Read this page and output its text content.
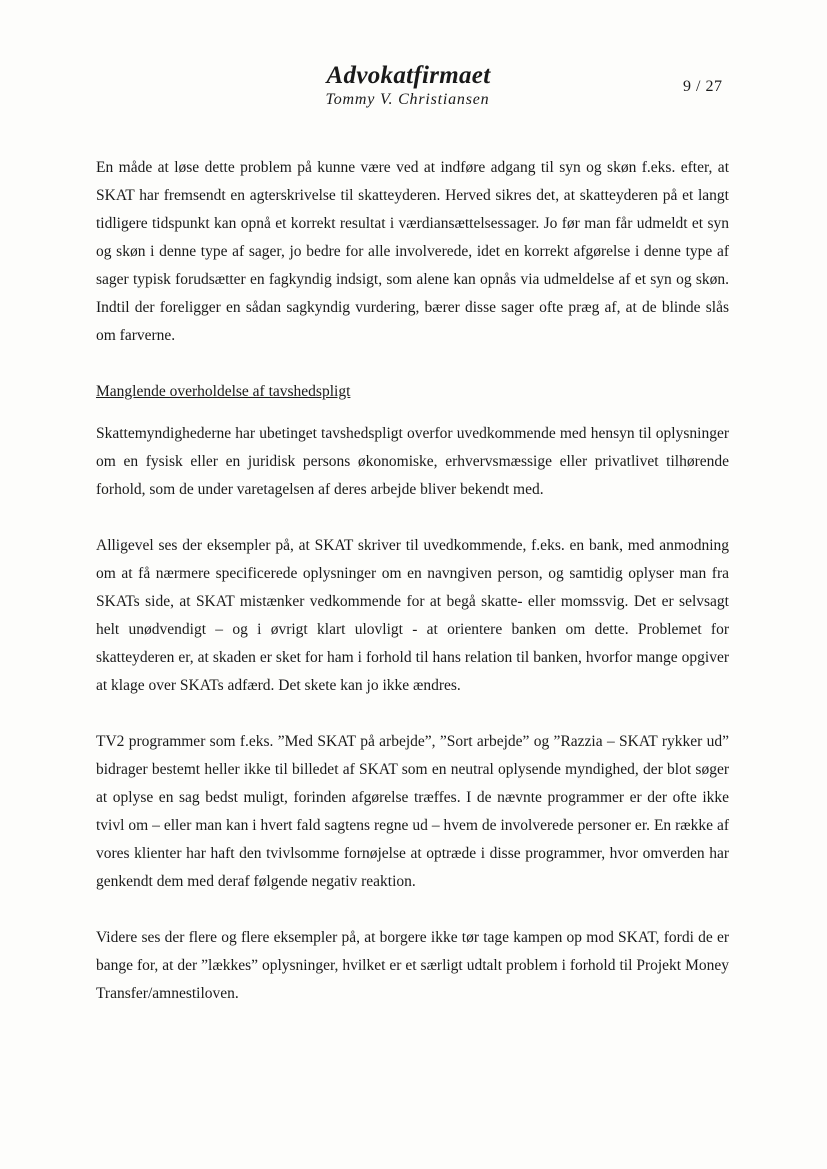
Advokatfirmaet
Tommy V. Christiansen
9 / 27

En måde at løse dette problem på kunne være ved at indføre adgang til syn og skøn f.eks. efter, at SKAT har fremsendt en agterskrivelse til skatteyderen. Herved sikres det, at skatteyderen på et langt tidligere tidspunkt kan opnå et korrekt resultat i værdiansættelsessager. Jo før man får udmeldt et syn og skøn i denne type af sager, jo bedre for alle involverede, idet en korrekt afgørelse i denne type af sager typisk forudsætter en fagkyndig indsigt, som alene kan opnås via udmeldelse af et syn og skøn. Indtil der foreligger en sådan sagkyndig vurdering, bærer disse sager ofte præg af, at de blinde slås om farverne.

Manglende overholdelse af tavshedspligt

Skattemyndighederne har ubetinget tavshedspligt overfor uvedkommende med hensyn til oplysninger om en fysisk eller en juridisk persons økonomiske, erhvervsmæssige eller privatlivet tilhørende forhold, som de under varetagelsen af deres arbejde bliver bekendt med.

Alligevel ses der eksempler på, at SKAT skriver til uvedkommende, f.eks. en bank, med anmodning om at få nærmere specificerede oplysninger om en navngiven person, og samtidig oplyser man fra SKATs side, at SKAT mistænker vedkommende for at begå skatte- eller momssvig. Det er selvsagt helt unødvendigt – og i øvrigt klart ulovligt - at orientere banken om dette. Problemet for skatteyderen er, at skaden er sket for ham i forhold til hans relation til banken, hvorfor mange opgiver at klage over SKATs adfærd. Det skete kan jo ikke ændres.

TV2 programmer som f.eks. ”Med SKAT på arbejde”, ”Sort arbejde” og ”Razzia – SKAT rykker ud” bidrager bestemt heller ikke til billedet af SKAT som en neutral oplysende myndighed, der blot søger at oplyse en sag bedst muligt, forinden afgørelse træffes. I de nævnte programmer er der ofte ikke tvivl om – eller man kan i hvert fald sagtens regne ud – hvem de involverede personer er. En række af vores klienter har haft den tvivlsomme fornøjelse at optræde i disse programmer, hvor omverden har genkendt dem med deraf følgende negativ reaktion.

Videre ses der flere og flere eksempler på, at borgere ikke tør tage kampen op mod SKAT, fordi de er bange for, at der ”lækkes” oplysninger, hvilket er et særligt udtalt problem i forhold til Projekt Money Transfer/amnestiloven.
